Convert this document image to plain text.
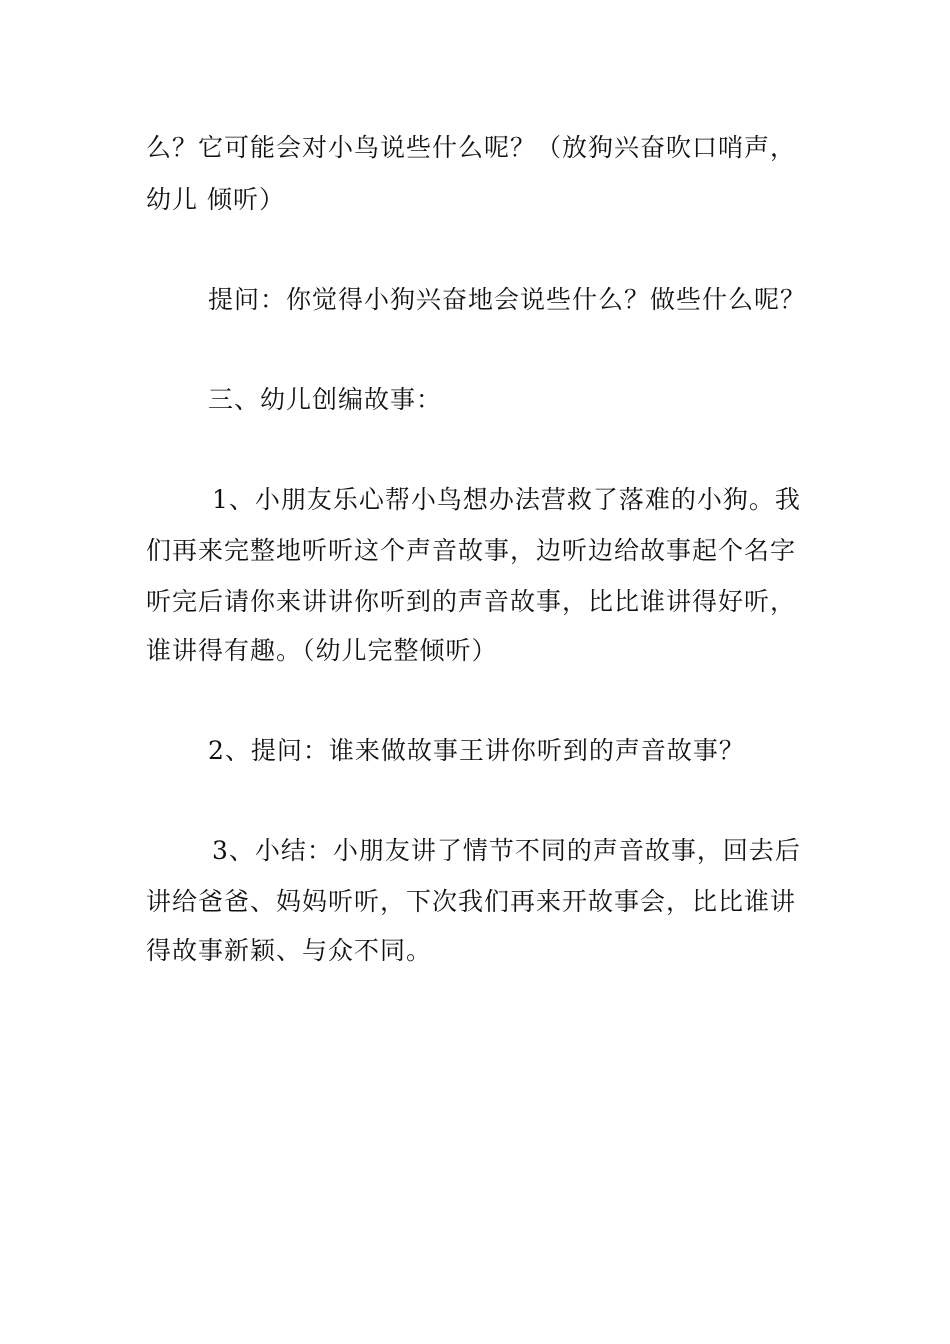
么？它可能会对小鸟说些什么呢？（放狗兴奋吹口哨声，
幼儿 倾听）
提问：你觉得小狗兴奋地会说些什么？做些什么呢？
三、幼儿创编故事：
1、小朋友乐心帮小鸟想办法营救了落难的小狗。我
们再来完整地听听这个声音故事，边听边给故事起个名字
听完后请你来讲讲你听到的声音故事，比比谁讲得好听，
谁讲得有趣。（幼儿完整倾听）
2、提问：谁来做故事王讲你听到的声音故事？
3、小结：小朋友讲了情节不同的声音故事，回去后
讲给爸爸、妈妈听听，下次我们再来开故事会，比比谁讲
得故事新颖、与众不同。
